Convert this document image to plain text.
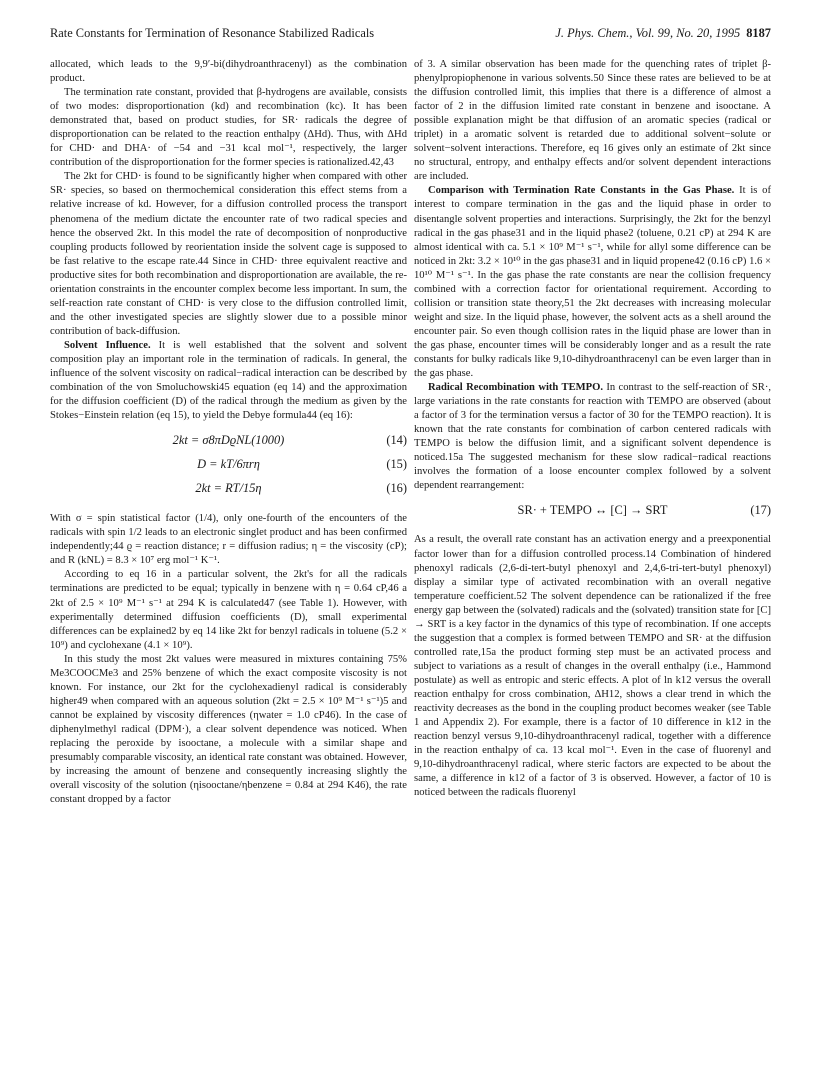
Rate Constants for Termination of Resonance Stabilized Radicals	J. Phys. Chem., Vol. 99, No. 20, 1995 8187

allocated, which leads to the 9,9′-bi(dihydroanthracenyl) as the combination product.

The termination rate constant, provided that β-hydrogens are available, consists of two modes: disproportionation (kd) and recombination (kc). It has been demonstrated that, based on product studies, for SR· radicals the degree of disproportionation can be related to the reaction enthalpy (ΔHd). Thus, with ΔHd for CHD· and DHA· of −54 and −31 kcal mol⁻¹, respectively, the larger contribution of the disproportionation for the former species is rationalized.42,43

The 2kt for CHD· is found to be significantly higher when compared with other SR· species, so based on thermochemical consideration this effect stems from a relative increase of kd. However, for a diffusion controlled process the transport phenomena of the medium dictate the encounter rate of two radical species and hence the observed 2kt. In this model the rate of decomposition of nonproductive coupling products followed by reorientation inside the solvent cage is supposed to be fast relative to the escape rate.44 Since in CHD· three equivalent reactive and productive sites for both recombination and disproportionation are available, the re-orientation constraints in the encounter complex become less important. In sum, the self-reaction rate constant of CHD· is very close to the diffusion controlled limit, and the other investigated species are slightly slower due to a possible minor contribution of back-diffusion.

Solvent Influence. It is well established that the solvent and solvent composition play an important role in the termination of radicals. In general, the influence of the solvent viscosity on radical−radical interaction can be described by combination of the von Smoluchowski45 equation (eq 14) and the approximation for the diffusion coefficient (D) of the radical through the medium as given by the Stokes−Einstein relation (eq 15), to yield the Debye formula44 (eq 16):

2kt = σ8πDϱNL(1000)	(14)
D = kT/6πrη	(15)
2kt = RT/15η	(16)

With σ = spin statistical factor (1/4), only one-fourth of the encounters of the radicals with spin 1/2 leads to an electronic singlet product and has been confirmed independently;44 ϱ = reaction distance; r = diffusion radius; η = the viscosity (cP); and R (kNL) = 8.3 × 10⁷ erg mol⁻¹ K⁻¹.

According to eq 16 in a particular solvent, the 2kt's for all the radicals terminations are predicted to be equal; typically in benzene with η = 0.64 cP,46 a 2kt of 2.5 × 10⁹ M⁻¹ s⁻¹ at 294 K is calculated47 (see Table 1). However, with experimentally determined diffusion coefficients (D), small experimental differences can be explained2 by eq 14 like 2kt for benzyl radicals in toluene (5.2 × 10⁹) and cyclohexane (4.1 × 10⁹).

In this study the most 2kt values were measured in mixtures containing 75% Me3COOCMe3 and 25% benzene of which the exact composite viscosity is not known. For instance, our 2kt for the cyclohexadienyl radical is considerably higher49 when compared with an aqueous solution (2kt = 2.5 × 10⁹ M⁻¹ s⁻¹)5 and cannot be explained by viscosity differences (ηwater = 1.0 cP46). In the case of diphenylmethyl radical (DPM·), a clear solvent dependence was noticed. When replacing the peroxide by isooctane, a molecule with a similar shape and presumably comparable viscosity, an identical rate constant was obtained. However, by increasing the amount of benzene and consequently increasing slightly the overall viscosity of the solution (ηisooctane/ηbenzene = 0.84 at 294 K46), the rate constant dropped by a factor

of 3. A similar observation has been made for the quenching rates of triplet β-phenylpropiophenone in various solvents.50 Since these rates are believed to be at the diffusion controlled limit, this implies that there is a difference of almost a factor of 2 in the diffusion limited rate constant in benzene and isooctane. A possible explanation might be that diffusion of an aromatic species (radical or triplet) in a aromatic solvent is retarded due to additional solvent−solute or solvent−solvent interactions. Therefore, eq 16 gives only an estimate of 2kt since no structural, entropy, and enthalpy effects and/or solvent dependent interactions are included.

Comparison with Termination Rate Constants in the Gas Phase. It is of interest to compare termination in the gas and the liquid phase in order to disentangle solvent properties and interactions. Surprisingly, the 2kt for the benzyl radical in the gas phase31 and in the liquid phase2 (toluene, 0.21 cP) at 294 K are almost identical with ca. 5.1 × 10⁹ M⁻¹ s⁻¹, while for allyl some difference can be noticed in 2kt: 3.2 × 10¹⁰ in the gas phase31 and in liquid propene42 (0.16 cP) 1.6 × 10¹⁰ M⁻¹ s⁻¹. In the gas phase the rate constants are near the collision frequency combined with a correction factor for orientational requirement. According to collision or transition state theory,51 the 2kt decreases with increasing molecular weight and size. In the liquid phase, however, the solvent acts as a shell around the encounter pair. So even though collision rates in the liquid phase are lower than in the gas phase, encounter times will be considerably longer and as a result the rate constants for bulky radicals like 9,10-dihydroanthracenyl can be even larger than in the gas phase.

Radical Recombination with TEMPO. In contrast to the self-reaction of SR·, large variations in the rate constants for reaction with TEMPO are observed (about a factor of 3 for the termination versus a factor of 30 for the TEMPO reaction). It is known that the rate constants for combination of carbon centered radicals with TEMPO is below the diffusion limit, and a significant solvent dependence is noticed.15a The suggested mechanism for these slow radical−radical reactions involves the formation of a loose encounter complex followed by a solvent dependent rearrangement:

SR· + TEMPO ↔ [C] → SRT	(17)

As a result, the overall rate constant has an activation energy and a preexponential factor lower than for a diffusion controlled process.14 Combination of hindered phenoxyl radicals (2,6-di-tert-butyl phenoxyl and 2,4,6-tri-tert-butyl phenoxyl) display a similar type of activated recombination with an overall negative temperature coefficient.52 The solvent dependence can be rationalized if the free energy gap between the (solvated) radicals and the (solvated) transition state for [C] → SRT is a key factor in the dynamics of this type of recombination. If one accepts the suggestion that a complex is formed between TEMPO and SR· at the diffusion controlled rate,15a the product forming step must be an activated process and subject to variations as a result of changes in the overall enthalpy (i.e., Hammond postulate) as well as entropic and steric effects. A plot of ln k12 versus the overall reaction enthalpy for cross combination, ΔH12, shows a clear trend in which the reactivity decreases as the bond in the coupling product becomes weaker (see Table 1 and Appendix 2). For example, there is a factor of 10 difference in k12 in the reaction benzyl versus 9,10-dihydroanthracenyl radical, together with a difference in the reaction enthalpy of ca. 13 kcal mol⁻¹. Even in the case of fluorenyl and 9,10-dihydroanthracenyl radical, where steric factors are expected to be about the same, a difference in k12 of a factor of 3 is observed. However, a factor of 10 is noticed between the radicals fluorenyl
